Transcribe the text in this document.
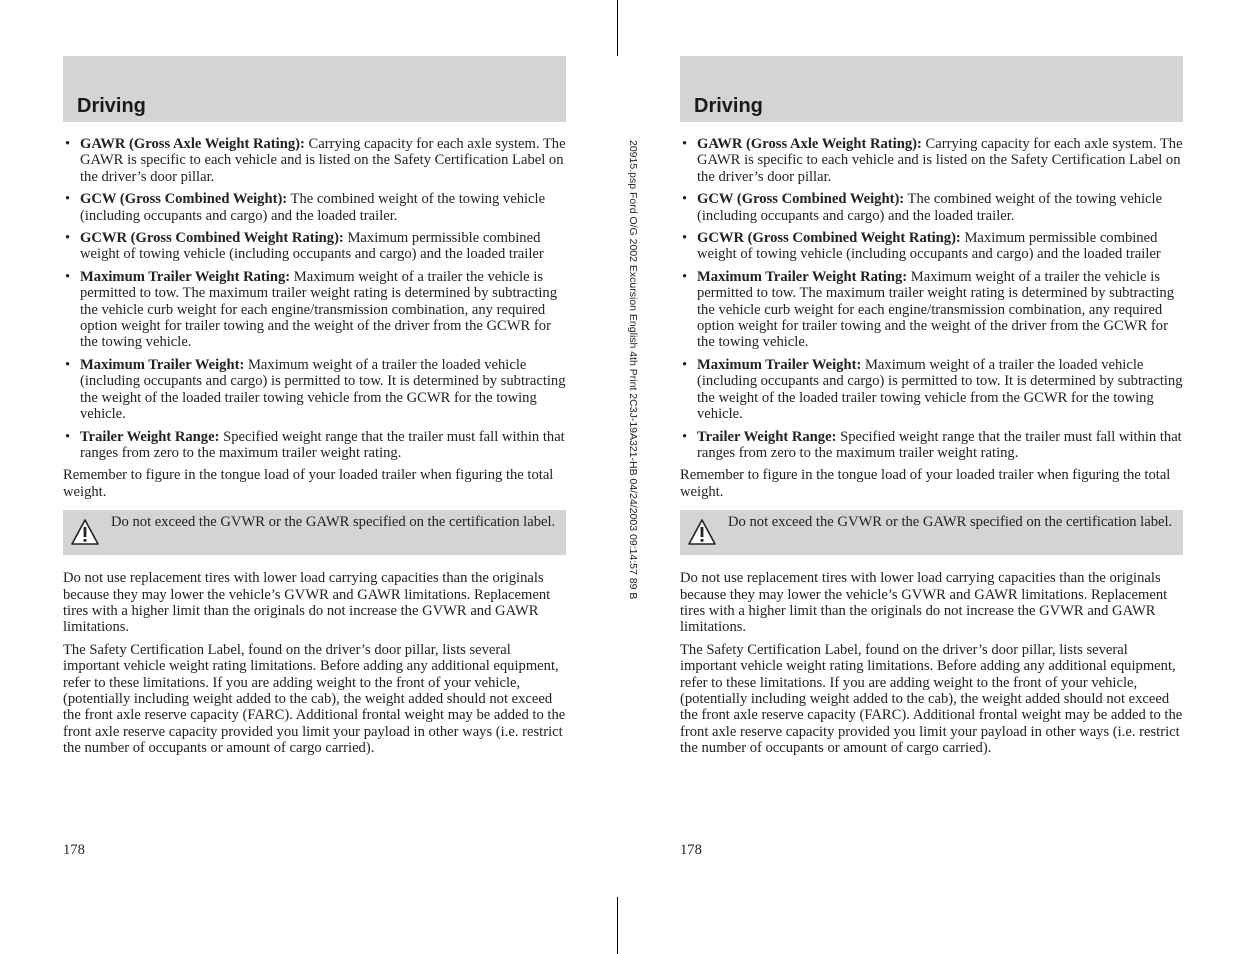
20915.psp Ford O/G 2002 Excursion English 4th Print 2C3J-19A321-HB 04/24/2003 09:14:57 89 B
Driving
• GAWR (Gross Axle Weight Rating): Carrying capacity for each axle system. The GAWR is specific to each vehicle and is listed on the Safety Certification Label on the driver’s door pillar.
• GCW (Gross Combined Weight): The combined weight of the towing vehicle (including occupants and cargo) and the loaded trailer.
• GCWR (Gross Combined Weight Rating): Maximum permissible combined weight of towing vehicle (including occupants and cargo) and the loaded trailer
• Maximum Trailer Weight Rating: Maximum weight of a trailer the vehicle is permitted to tow. The maximum trailer weight rating is determined by subtracting the vehicle curb weight for each engine/transmission combination, any required option weight for trailer towing and the weight of the driver from the GCWR for the towing vehicle.
• Maximum Trailer Weight: Maximum weight of a trailer the loaded vehicle (including occupants and cargo) is permitted to tow. It is determined by subtracting the weight of the loaded trailer towing vehicle from the GCWR for the towing vehicle.
• Trailer Weight Range: Specified weight range that the trailer must fall within that ranges from zero to the maximum trailer weight rating.

Remember to figure in the tongue load of your loaded trailer when figuring the total weight.

Do not exceed the GVWR or the GAWR specified on the certification label.

Do not use replacement tires with lower load carrying capacities than the originals because they may lower the vehicle’s GVWR and GAWR limitations. Replacement tires with a higher limit than the originals do not increase the GVWR and GAWR limitations.

The Safety Certification Label, found on the driver’s door pillar, lists several important vehicle weight rating limitations. Before adding any additional equipment, refer to these limitations. If you are adding weight to the front of your vehicle, (potentially including weight added to the cab), the weight added should not exceed the front axle reserve capacity (FARC). Additional frontal weight may be added to the front axle reserve capacity provided you limit your payload in other ways (i.e. restrict the number of occupants or amount of cargo carried).

178
Driving
• GAWR (Gross Axle Weight Rating): Carrying capacity for each axle system. The GAWR is specific to each vehicle and is listed on the Safety Certification Label on the driver’s door pillar.
• GCW (Gross Combined Weight): The combined weight of the towing vehicle (including occupants and cargo) and the loaded trailer.
• GCWR (Gross Combined Weight Rating): Maximum permissible combined weight of towing vehicle (including occupants and cargo) and the loaded trailer
• Maximum Trailer Weight Rating: Maximum weight of a trailer the vehicle is permitted to tow. The maximum trailer weight rating is determined by subtracting the vehicle curb weight for each engine/transmission combination, any required option weight for trailer towing and the weight of the driver from the GCWR for the towing vehicle.
• Maximum Trailer Weight: Maximum weight of a trailer the loaded vehicle (including occupants and cargo) is permitted to tow. It is determined by subtracting the weight of the loaded trailer towing vehicle from the GCWR for the towing vehicle.
• Trailer Weight Range: Specified weight range that the trailer must fall within that ranges from zero to the maximum trailer weight rating.

Remember to figure in the tongue load of your loaded trailer when figuring the total weight.

Do not exceed the GVWR or the GAWR specified on the certification label.

Do not use replacement tires with lower load carrying capacities than the originals because they may lower the vehicle’s GVWR and GAWR limitations. Replacement tires with a higher limit than the originals do not increase the GVWR and GAWR limitations.

The Safety Certification Label, found on the driver’s door pillar, lists several important vehicle weight rating limitations. Before adding any additional equipment, refer to these limitations. If you are adding weight to the front of your vehicle, (potentially including weight added to the cab), the weight added should not exceed the front axle reserve capacity (FARC). Additional frontal weight may be added to the front axle reserve capacity provided you limit your payload in other ways (i.e. restrict the number of occupants or amount of cargo carried).

178
